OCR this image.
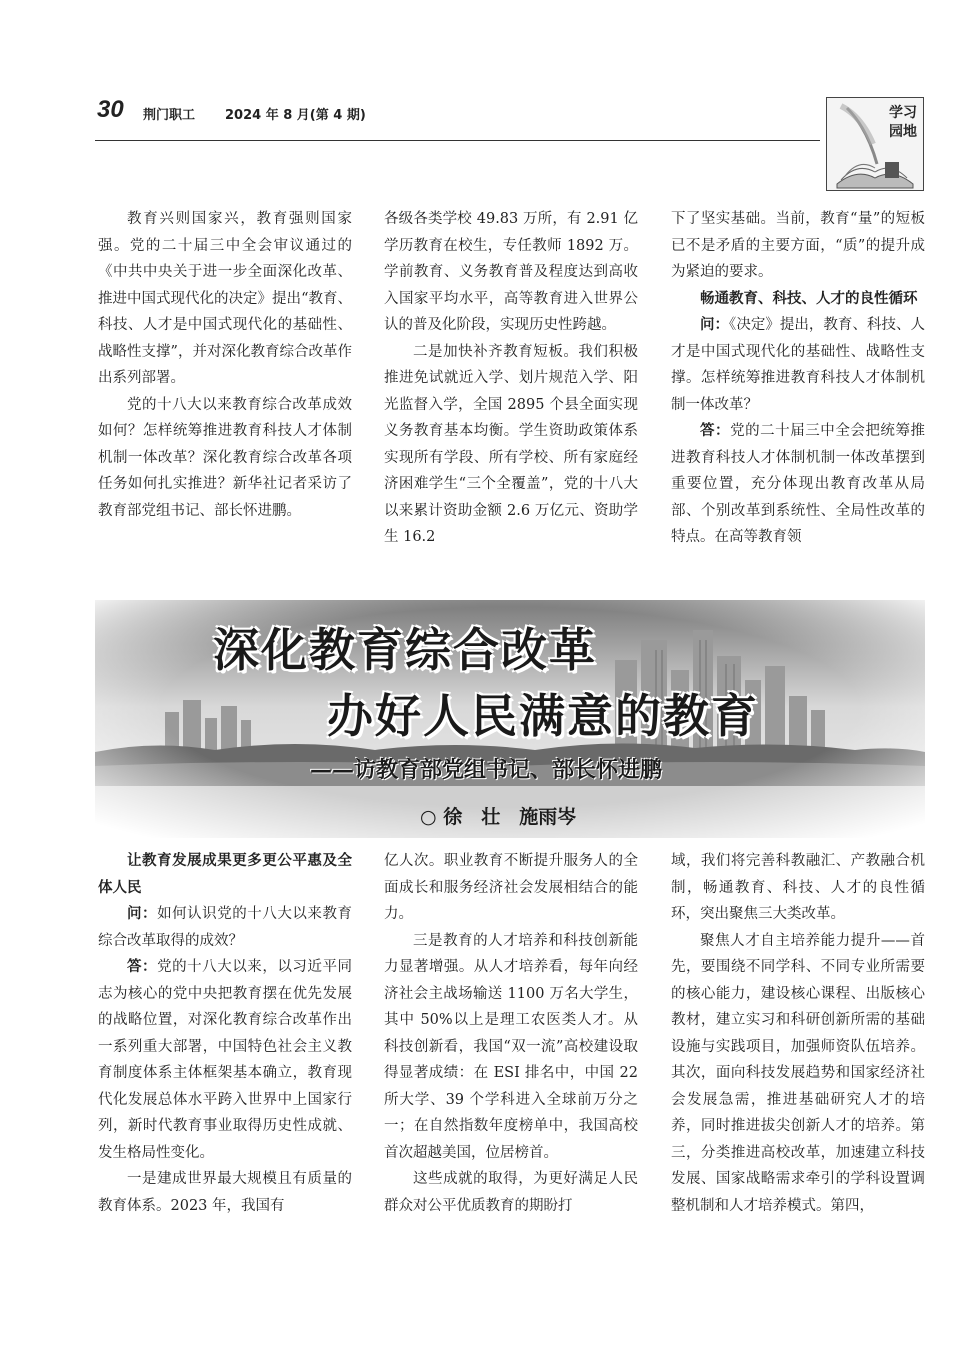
30 荆门职工 2024 年 8 月(第 4 期)	学习
园地

教育兴则国家兴，教育强则国家强。党的二十届三中全会审议通过的《中共中央关于进一步全面深化改革、推进中国式现代化的决定》提出“教育、科技、人才是中国式现代化的基础性、战略性支撑”，并对深化教育综合改革作出系列部署。

党的十八大以来教育综合改革成效如何？怎样统筹推进教育科技人才体制机制一体改革？深化教育综合改革各项任务如何扎实推进？新华社记者采访了教育部党组书记、部长怀进鹏。

各级各类学校 49.83 万所，有 2.91 亿学历教育在校生，专任教师 1892 万。学前教育、义务教育普及程度达到高收入国家平均水平，高等教育进入世界公认的普及化阶段，实现历史性跨越。

二是加快补齐教育短板。我们积极推进免试就近入学、划片规范入学、阳光监督入学，全国 2895 个县全面实现义务教育基本均衡。学生资助政策体系实现所有学段、所有学校、所有家庭经济困难学生“三个全覆盖”，党的十八大以来累计资助金额 2.6 万亿元、资助学生 16.2

下了坚实基础。当前，教育“量”的短板已不是矛盾的主要方面，“质”的提升成为紧迫的要求。

畅通教育、科技、人才的良性循环

问：《决定》提出，教育、科技、人才是中国式现代化的基础性、战略性支撑。怎样统筹推进教育科技人才体制机制一体改革？

答：党的二十届三中全会把统筹推进教育科技人才体制机制一体改革摆到重要位置，充分体现出教育改革从局部、个别改革到系统性、全局性改革的特点。在高等教育领

深化教育综合改革
办好人民满意的教育
——访教育部党组书记、部长怀进鹏
○ 徐　壮　施雨岑

让教育发展成果更多更公平惠及全体人民

问：如何认识党的十八大以来教育综合改革取得的成效？

答：党的十八大以来，以习近平同志为核心的党中央把教育摆在优先发展的战略位置，对深化教育综合改革作出一系列重大部署，中国特色社会主义教育制度体系主体框架基本确立，教育现代化发展总体水平跨入世界中上国家行列，新时代教育事业取得历史性成就、发生格局性变化。

一是建成世界最大规模且有质量的教育体系。2023 年，我国有

亿人次。职业教育不断提升服务人的全面成长和服务经济社会发展相结合的能力。

三是教育的人才培养和科技创新能力显著增强。从人才培养看，每年向经济社会主战场输送 1100 万名大学生，其中 50%以上是理工农医类人才。从科技创新看，我国“双一流”高校建设取得显著成绩：在 ESI 排名中，中国 22 所大学、39 个学科进入全球前万分之一；在自然指数年度榜单中，我国高校首次超越美国，位居榜首。

这些成就的取得，为更好满足人民群众对公平优质教育的期盼打

域，我们将完善科教融汇、产教融合机制，畅通教育、科技、人才的良性循环，突出聚焦三大类改革。

聚焦人才自主培养能力提升——首先，要围绕不同学科、不同专业所需要的核心能力，建设核心课程、出版核心教材，建立实习和科研创新所需的基础设施与实践项目，加强师资队伍培养。其次，面向科技发展趋势和国家经济社会发展急需，推进基础研究人才的培养，同时推进拔尖创新人才的培养。第三，分类推进高校改革，加速建立科技发展、国家战略需求牵引的学科设置调整机制和人才培养模式。第四，
